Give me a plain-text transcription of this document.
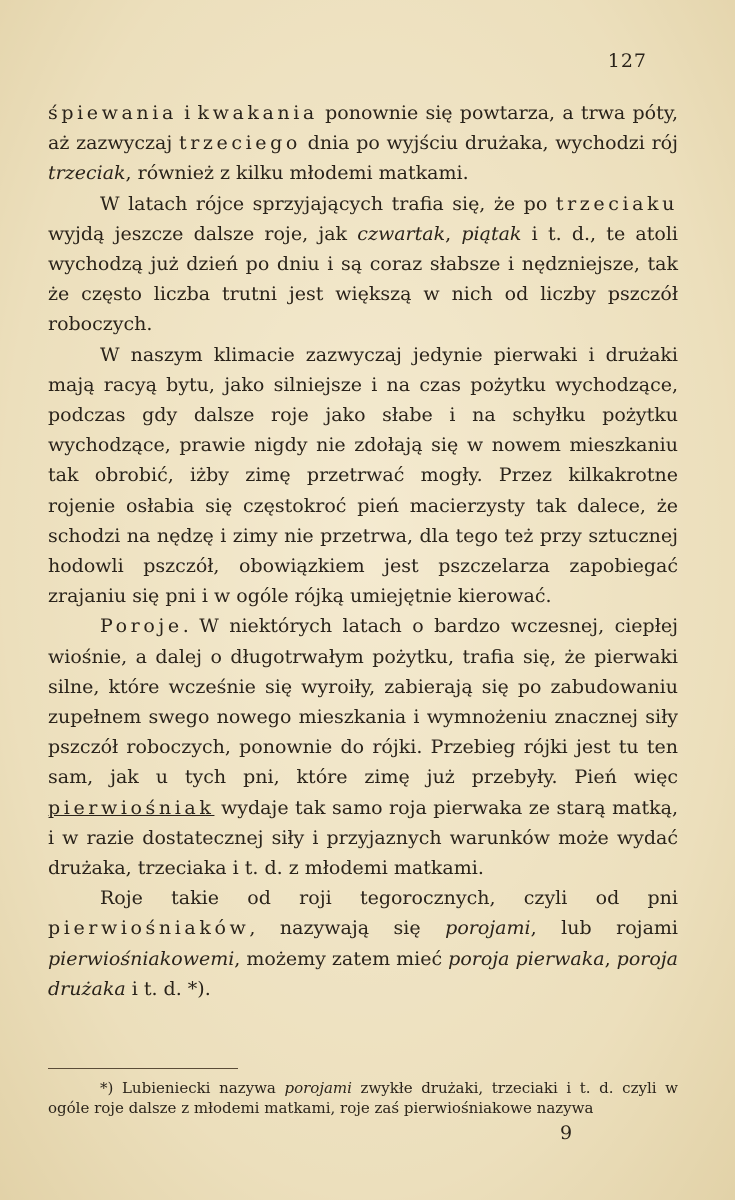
127

śpiewania i kwakania ponownie się powtarza, a trwa póty, aż zazwyczaj trzeciego dnia po wyjściu drużaka, wychodzi rój trzeciak, również z kilku młodemi matkami.

W latach rójce sprzyjających trafia się, że po trzeciaku wyjdą jeszcze dalsze roje, jak czwartak, piątak i t. d., te atoli wychodzą już dzień po dniu i są coraz słabsze i nędzniejsze, tak że często liczba trutni jest większą w nich od liczby pszczół roboczych.

W naszym klimacie zazwyczaj jedynie pierwaki i drużaki mają racyą bytu, jako silniejsze i na czas pożytku wychodzące, podczas gdy dalsze roje jako słabe i na schyłku pożytku wychodzące, prawie nigdy nie zdołają się w nowem mieszkaniu tak obrobić, iżby zimę przetrwać mogły. Przez kilkakrotne rojenie osłabia się częstokroć pień macierzysty tak dalece, że schodzi na nędzę i zimy nie przetrwa, dla tego też przy sztucznej hodowli pszczół, obowiązkiem jest pszczelarza zapobiegać zrajaniu się pni i w ogóle rójką umiejętnie kierować.

Poroje. W niektórych latach o bardzo wczesnej, ciepłej wiośnie, a dalej o długotrwałym pożytku, trafia się, że pierwaki silne, które wcześnie się wyroiły, zabierają się po zabudowaniu zupełnem swego nowego mieszkania i wymnożeniu znacznej siły pszczół roboczych, ponownie do rójki. Przebieg rójki jest tu ten sam, jak u tych pni, które zimę już przebyły. Pień więc pierwiośniak wydaje tak samo roja pierwaka ze starą matką, i w razie dostatecznej siły i przyjaznych warunków może wydać drużaka, trzeciaka i t. d. z młodemi matkami.

Roje takie od roji tegorocznych, czyli od pni pierwiośniaków, nazywają się porojami, lub rojami pierwiośniakowemi, możemy zatem mieć poroja pierwaka, poroja drużaka i t. d. *).

*) Lubieniecki nazywa porojami zwykłe drużaki, trzeciaki i t. d. czyli w ogóle roje dalsze z młodemi matkami, roje zaś pierwiośniakowe nazywa

9
